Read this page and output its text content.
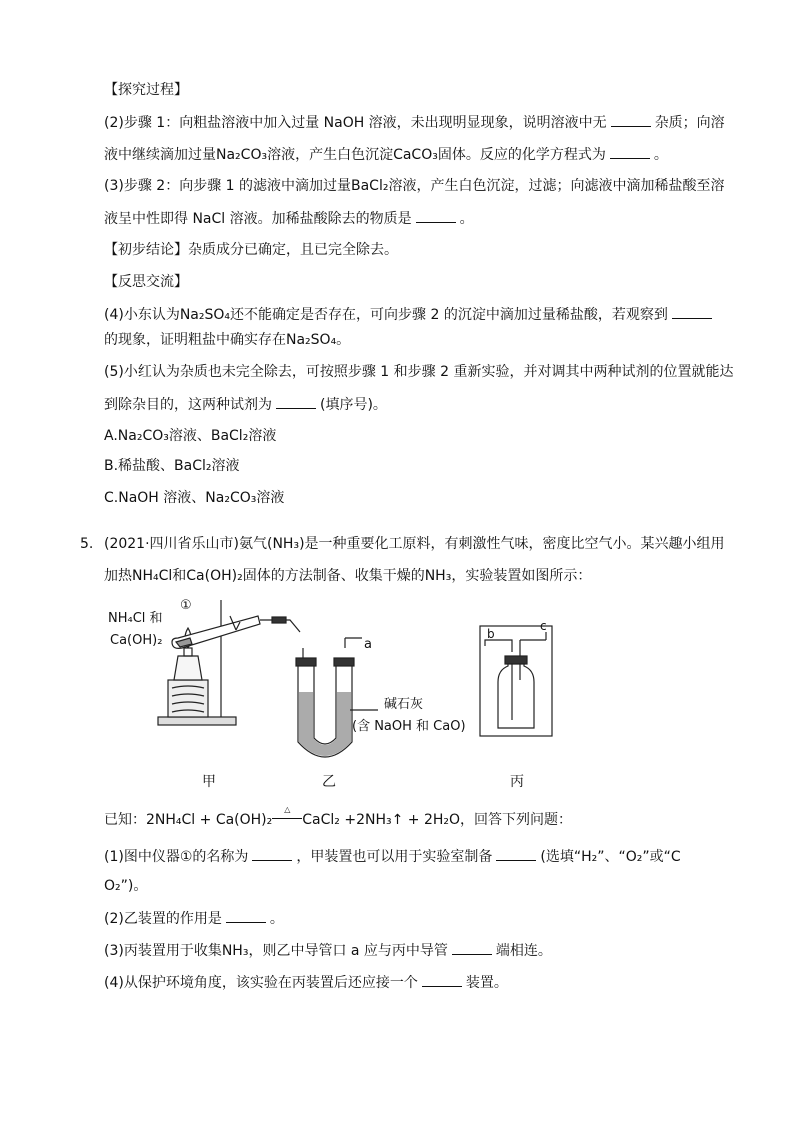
【探究过程】
(2)步骤 1：向粗盐溶液中加入过量 NaOH 溶液，未出现明显现象，说明溶液中无	杂质；向溶
液中继续滴加过量Na₂CO₃溶液，产生白色沉淀CaCO₃固体。反应的化学方程式为	。
(3)步骤 2：向步骤 1 的滤液中滴加过量BaCl₂溶液，产生白色沉淀，过滤；向滤液中滴加稀盐酸至溶
液呈中性即得 NaCl 溶液。加稀盐酸除去的物质是	。
【初步结论】杂质成分已确定，且已完全除去。
【反思交流】
(4)小东认为Na₂SO₄还不能确定是否存在，可向步骤 2 的沉淀中滴加过量稀盐酸，若观察到
的现象，证明粗盐中确实存在Na₂SO₄。
(5)小红认为杂质也未完全除去，可按照步骤 1 和步骤 2 重新实验，并对调其中两种试剂的位置就能达
到除杂目的，这两种试剂为	(填序号)。
A.Na₂CO₃溶液、BaCl₂溶液
B.稀盐酸、BaCl₂溶液
C.NaOH 溶液、Na₂CO₃溶液
5. (2021·四川省乐山市)氨气(NH₃)是一种重要化工原料，有刺激性气味，密度比空气小。某兴趣小组用
加热NH₄Cl和Ca(OH)₂固体的方法制备、收集干燥的NH₃，实验装置如图所示：
NH₄Cl 和
Ca(OH)₂
①
a
碱石灰
(含 NaOH 和 CaO)
b
c
甲	乙	丙
已知：2NH₄Cl + Ca(OH)₂△CaCl₂ +2NH₃↑ + 2H₂O，回答下列问题：
(1)图中仪器①的名称为	，甲装置也可以用于实验室制备	(选填“H₂”、“O₂”或“C
O₂”)。
(2)乙装置的作用是	。
(3)丙装置用于收集NH₃，则乙中导管口 a 应与丙中导管	端相连。
(4)从保护环境角度，该实验在丙装置后还应接一个	装置。
